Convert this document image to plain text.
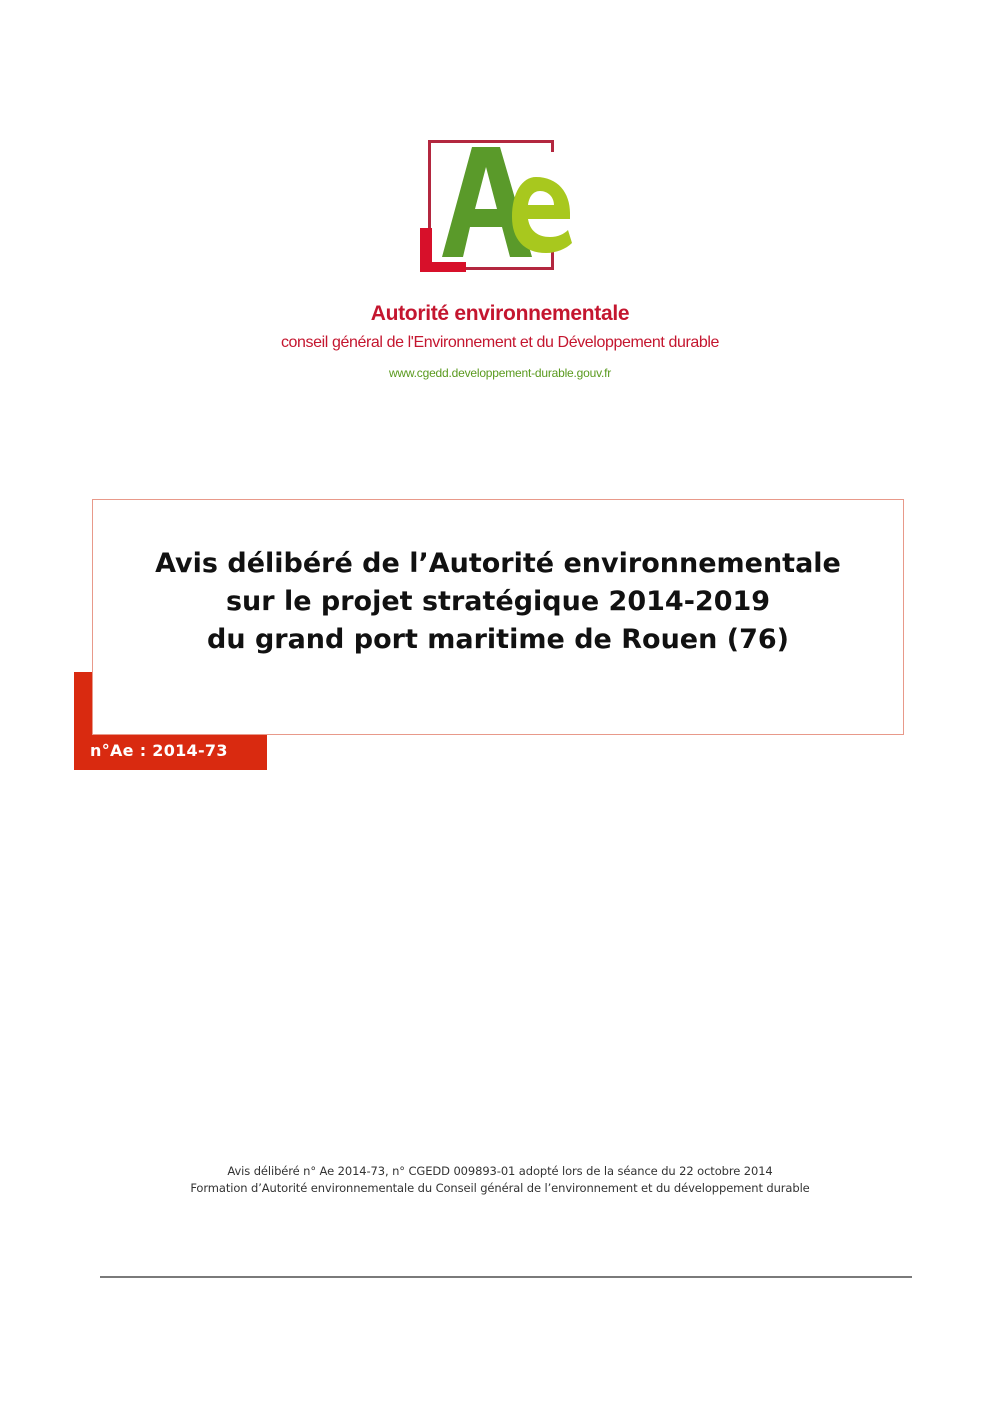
Autorité environnementale
conseil général de l'Environnement et du Développement durable
www.cgedd.developpement-durable.gouv.fr
n°Ae : 2014-73
Avis délibéré de l’Autorité environnementale
sur le projet stratégique 2014-2019
du grand port maritime de Rouen (76)
Avis délibéré n° Ae 2014-73, n° CGEDD 009893-01 adopté lors de la séance du 22 octobre 2014
Formation d’Autorité environnementale du Conseil général de l’environnement et du développement durable
